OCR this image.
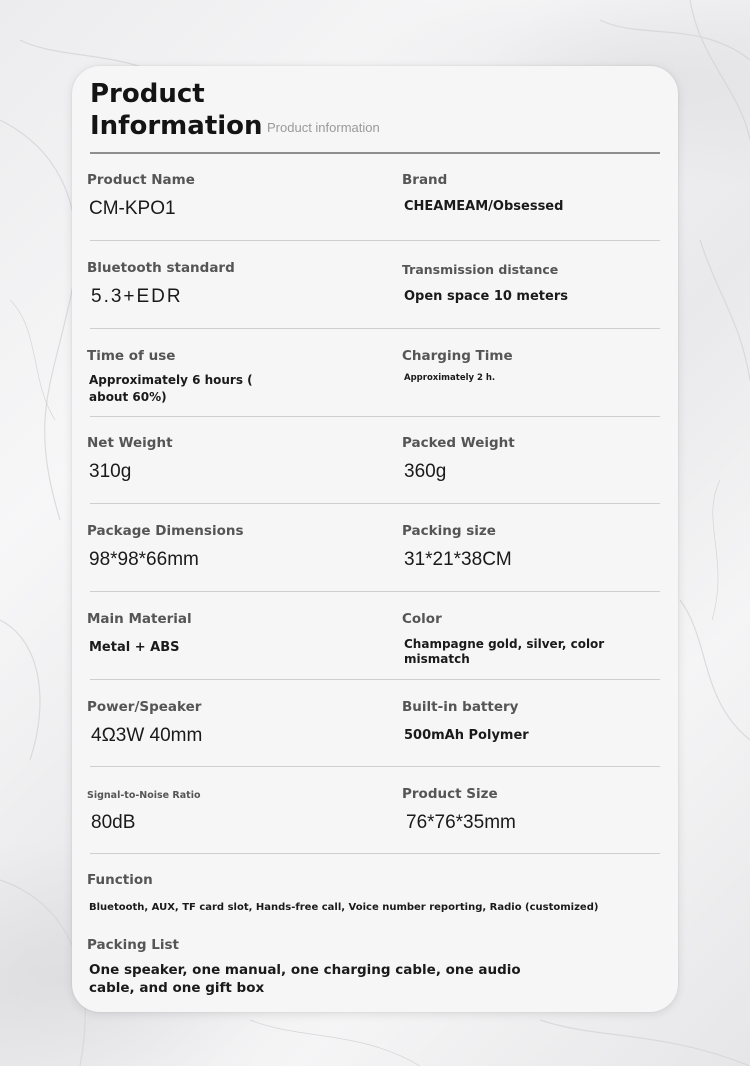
Product
Information Product information
Product Name
CM-KPO1
Brand
CHEAMEAM/Obsessed
Bluetooth standard
5.3+EDR
Transmission distance
Open space 10 meters
Time of use
Approximately 6 hours ( about 60%)
Charging Time
Approximately 2 h.
Net Weight
310g
Packed Weight
360g
Package Dimensions
98*98*66mm
Packing size
31*21*38CM
Main Material
Metal + ABS
Color
Champagne gold, silver, color mismatch
Power/Speaker
4Ω3W 40mm
Built-in battery
500mAh Polymer
Signal-to-Noise Ratio
80dB
Product Size
76*76*35mm
Function
Bluetooth, AUX, TF card slot, Hands-free call, Voice number reporting, Radio (customized)
Packing List
One speaker, one manual, one charging cable, one audio cable, and one gift box
